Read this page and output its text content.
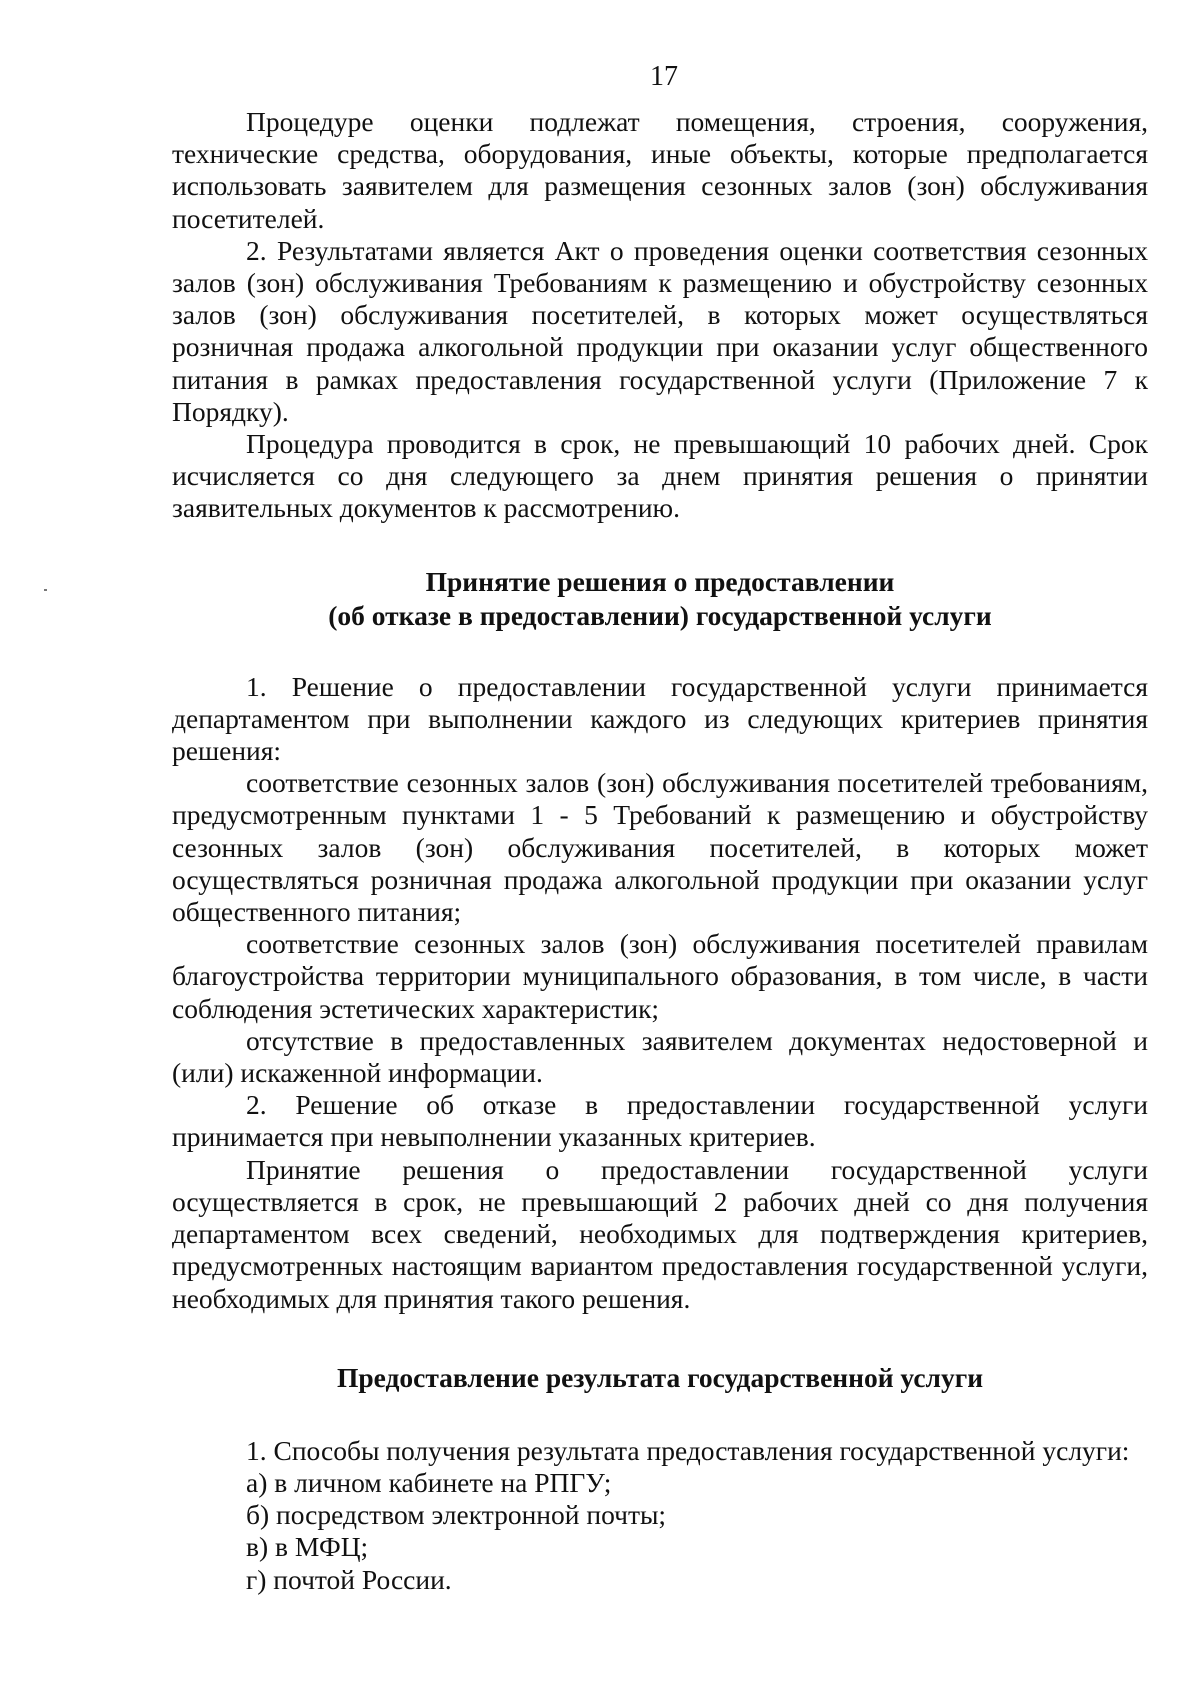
17

Процедуре оценки подлежат помещения, строения, сооружения, технические средства, оборудования, иные объекты, которые предполагается использовать заявителем для размещения сезонных залов (зон) обслуживания посетителей.

2. Результатами является Акт о проведения оценки соответствия сезонных залов (зон) обслуживания Требованиям к размещению и обустройству сезонных залов (зон) обслуживания посетителей, в которых может осуществляться розничная продажа алкогольной продукции при оказании услуг общественного питания в рамках предоставления государственной услуги (Приложение 7 к Порядку).

Процедура проводится в срок, не превышающий 10 рабочих дней. Срок исчисляется со дня следующего за днем принятия решения о принятии заявительных документов к рассмотрению.

Принятие решения о предоставлении

(об отказе в предоставлении) государственной услуги

1. Решение о предоставлении государственной услуги принимается департаментом при выполнении каждого из следующих критериев принятия решения:

соответствие сезонных залов (зон) обслуживания посетителей требованиям, предусмотренным пунктами 1 - 5 Требований к размещению и обустройству сезонных залов (зон) обслуживания посетителей, в которых может осуществляться розничная продажа алкогольной продукции при оказании услуг общественного питания;

соответствие сезонных залов (зон) обслуживания посетителей правилам благоустройства территории муниципального образования, в том числе, в части соблюдения эстетических характеристик;

отсутствие в предоставленных заявителем документах недостоверной и (или) искаженной информации.

2. Решение об отказе в предоставлении государственной услуги принимается при невыполнении указанных критериев.

Принятие решения о предоставлении государственной услуги осуществляется в срок, не превышающий 2 рабочих дней со дня получения департаментом всех сведений, необходимых для подтверждения критериев, предусмотренных настоящим вариантом предоставления государственной услуги, необходимых для принятия такого решения.

Предоставление результата государственной услуги

1. Способы получения результата предоставления государственной услуги:

а) в личном кабинете на РПГУ;

б) посредством электронной почты;

в) в МФЦ;

г) почтой России.
